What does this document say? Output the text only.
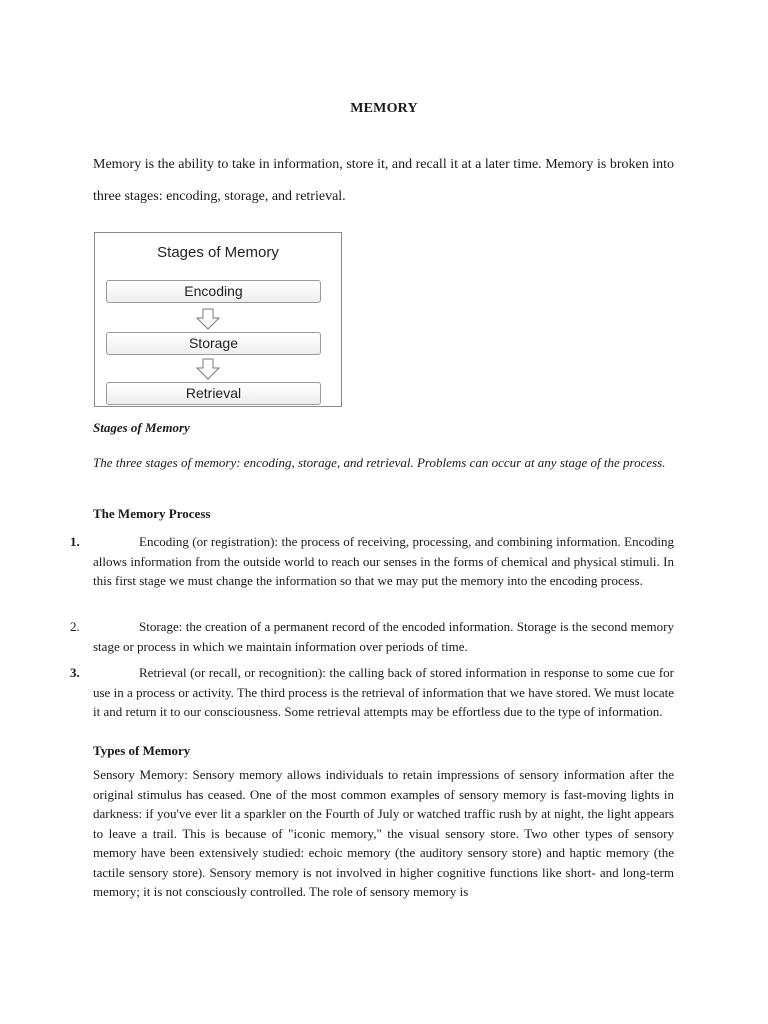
MEMORY
Memory is the ability to take in information, store it, and recall it at a later time. Memory is broken into three stages: encoding, storage, and retrieval.
Stages of Memory
Encoding
Storage
Retrieval
Stages of Memory
The three stages of memory: encoding, storage, and retrieval. Problems can occur at any stage of the process.
The Memory Process
1.	Encoding (or registration): the process of receiving, processing, and combining information. Encoding allows information from the outside world to reach our senses in the forms of chemical and physical stimuli. In this first stage we must change the information so that we may put the memory into the encoding process.
2.	Storage: the creation of a permanent record of the encoded information. Storage is the second memory stage or process in which we maintain information over periods of time.
3.	Retrieval (or recall, or recognition): the calling back of stored information in response to some cue for use in a process or activity. The third process is the retrieval of information that we have stored. We must locate it and return it to our consciousness. Some retrieval attempts may be effortless due to the type of information.
Types of Memory
Sensory Memory: Sensory memory allows individuals to retain impressions of sensory information after the original stimulus has ceased. One of the most common examples of sensory memory is fast-moving lights in darkness: if you've ever lit a sparkler on the Fourth of July or watched traffic rush by at night, the light appears to leave a trail. This is because of "iconic memory," the visual sensory store. Two other types of sensory memory have been extensively studied: echoic memory (the auditory sensory store) and haptic memory (the tactile sensory store). Sensory memory is not involved in higher cognitive functions like short- and long-term memory; it is not consciously controlled. The role of sensory memory is
